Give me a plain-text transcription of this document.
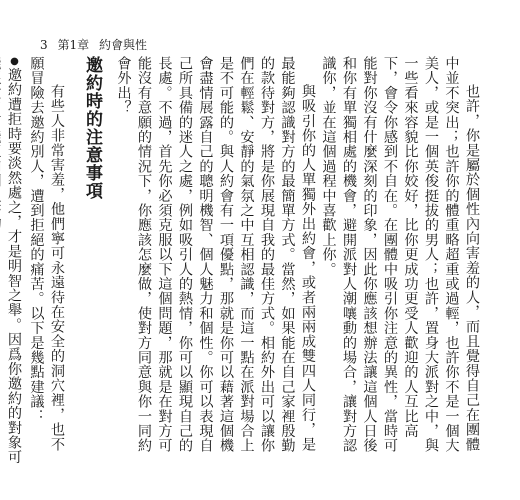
3 第1章 約會與性

也許，你是屬於個性內向害羞的人，而且覺得自己在團體中並不突出；也許你的體重略超重或過輕，也許你不是一個大美人，或是一個英俊挺拔的男人；也許，置身大派對之中，與一些看來容貌比你姣好，比你更成功更受人歡迎的人互比高下，會令你感到不自在。在團體中吸引你注意的異性，當時可能對你沒有什麼深刻的印象，因此你應該想辦法讓這個人日後和你有單獨相處的機會，避開派對人潮嚷動的場合，讓對方認識你，並在這個過程中喜歡上你。

與吸引你的人單獨外出約會，或者兩兩成雙四人同行，是最能夠認識對方的最簡單方式。當然，如果能在自己家裡殷勤的款待對方，將是你展現自我的最佳方式。相約外出可以讓你們在輕鬆、安靜的氣氛之中互相認識，而這一點在派對場合上是不可能的。與人約會有一項優點，那就是你可以藉著這個機會盡情展露自己的聰明機智、個人魅力和個性。你可以表現自己所具備的迷人之處，例如吸引人的熱情，你可以顯現自己的長處。不過，首先你必須克服以下這個問題，那就是在對方可能沒有意願的情況下，你應該怎麼做，使對方同意與你一同約會外出？

邀約時的注意事項

有些人非常害羞，他們寧可永遠待在安全的洞穴裡，也不願冒險去邀約別人，遭到拒絕的痛苦。以下是幾點建議：

●邀約遭拒時要淡然處之，才是明智之舉。因爲你邀約的對象可
